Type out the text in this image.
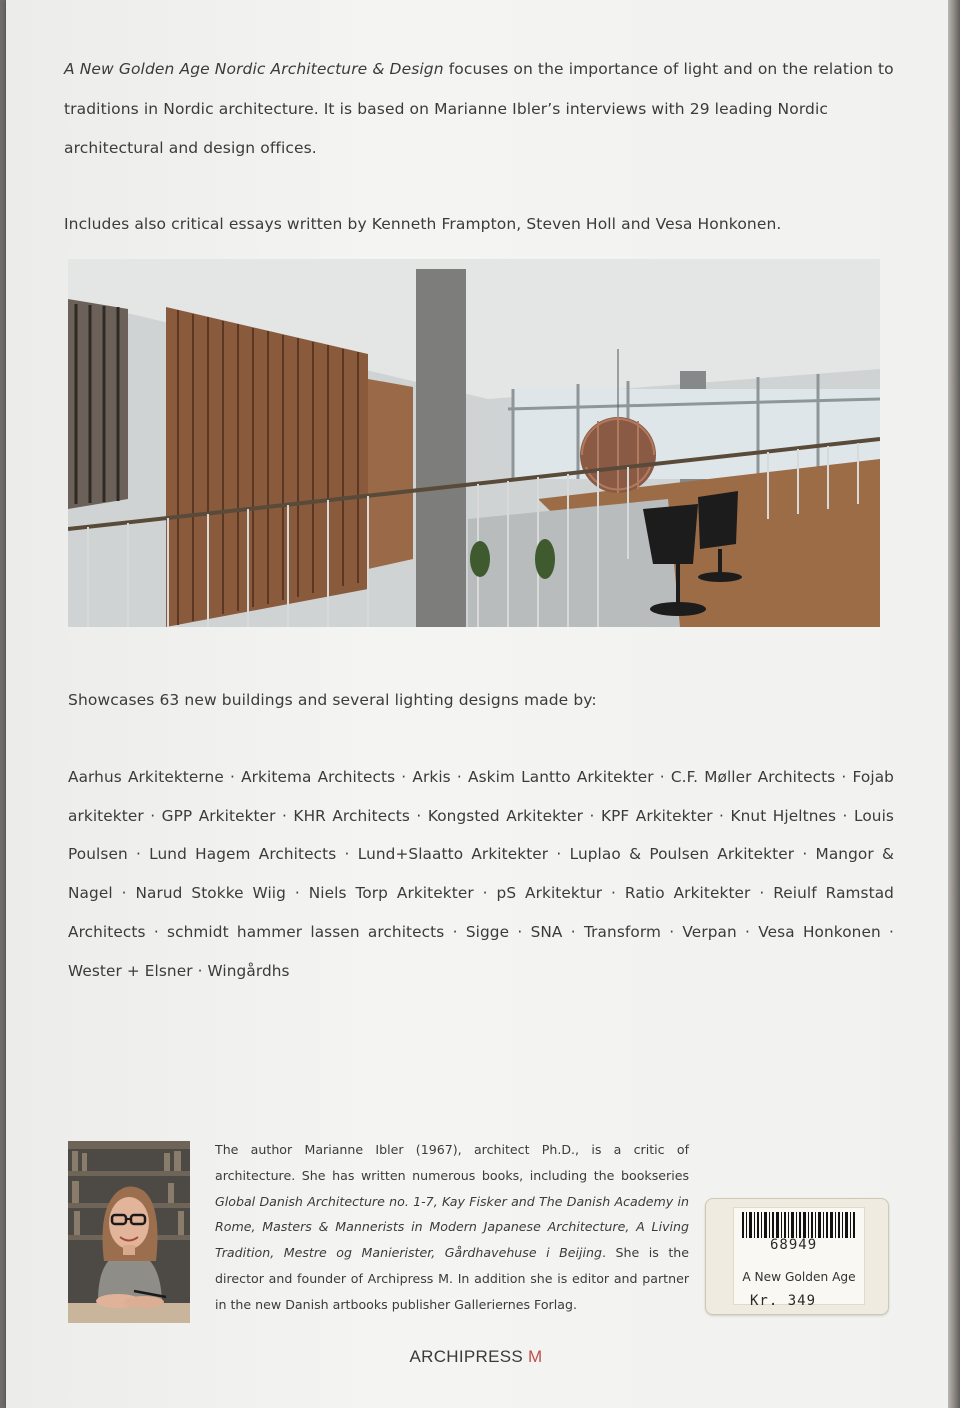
A New Golden Age Nordic Architecture & Design focuses on the importance of light and on the relation to traditions in Nordic architecture. It is based on Marianne Ibler’s interviews with 29 leading Nordic architectural and design offices.
Includes also critical essays written by Kenneth Frampton, Steven Holl and Vesa Honkonen.
Showcases 63 new buildings and several lighting designs made by:
Aarhus Arkitekterne · Arkitema Architects · Arkis · Askim Lantto Arkitekter · C.F. Møller Architects · Fojab arkitekter · GPP Arkitekter · KHR Architects · Kongsted Arkitekter · KPF Arkitekter · Knut Hjeltnes · Louis Poulsen · Lund Hagem Architects · Lund+Slaatto Arkitekter · Luplao & Poulsen Arkitekter · Mangor & Nagel · Narud Stokke Wiig · Niels Torp Arkitekter · pS Arkitektur · Ratio Arkitekter · Reiulf Ramstad Architects · schmidt hammer lassen architects · Sigge · SNA · Transform · Verpan · Vesa Honkonen · Wester + Elsner · Wingårdhs
The author Marianne Ibler (1967), architect Ph.D., is a critic of architecture. She has written numerous books, including the bookseries Global Danish Architecture no. 1-7, Kay Fisker and The Danish Academy in Rome, Masters & Mannerists in Modern Japanese Architecture, A Living Tradition, Mestre og Manierister, Gårdhavehuse i Beijing. She is the director and founder of Archipress M. In addition she is editor and partner in the new Danish artbooks publisher Galleriernes Forlag.
68949
A New Golden Age
Kr. 349
ARCHIPRESS M
